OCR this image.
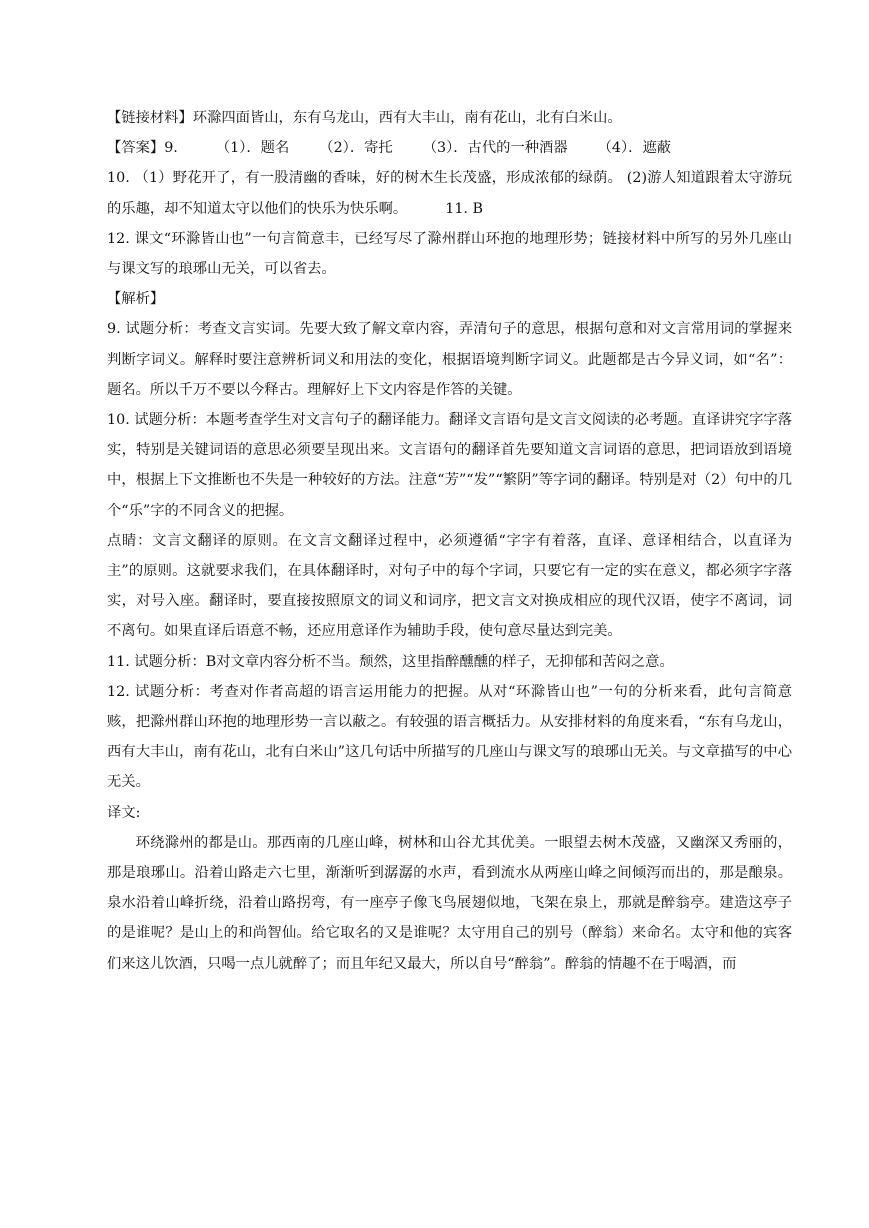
【链接材料】环滁四面皆山，东有乌龙山，西有大丰山，南有花山，北有白米山。

【答案】9.	（1）．题名 （2）．寄托 （3）．古代的一种酒器 （4）．遮蔽

10. （1）野花开了，有一股清幽的香味，好的树木生长茂盛，形成浓郁的绿荫。 (2)游人知道跟着太守游玩的乐趣，却不知道太守以他们的快乐为快乐啊。	11. B

12. 课文“环滁皆山也”一句言简意丰，已经写尽了滁州群山环抱的地理形势；链接材料中所写的另外几座山与课文写的琅琊山无关，可以省去。

【解析】

9. 试题分析：考查文言实词。先要大致了解文章内容，弄清句子的意思，根据句意和对文言常用词的掌握来判断字词义。解释时要注意辨析词义和用法的变化，根据语境判断字词义。此题都是古今异义词，如“名”：题名。所以千万不要以今释古。理解好上下文内容是作答的关键。

10. 试题分析：本题考查学生对文言句子的翻译能力。翻译文言语句是文言文阅读的必考题。直译讲究字字落实，特别是关键词语的意思必须要呈现出来。文言语句的翻译首先要知道文言词语的意思，把词语放到语境中，根据上下文推断也不失是一种较好的方法。注意“芳”“发”“繁阴”等字词的翻译。特别是对（2）句中的几个“乐”字的不同含义的把握。

点睛：文言文翻译的原则。在文言文翻译过程中，必须遵循“字字有着落，直译、意译相结合，以直译为主”的原则。这就要求我们，在具体翻译时，对句子中的每个字词，只要它有一定的实在意义，都必须字字落实，对号入座。翻译时，要直接按照原文的词义和词序，把文言文对换成相应的现代汉语，使字不离词，词不离句。如果直译后语意不畅，还应用意译作为辅助手段，使句意尽量达到完美。

11. 试题分析：B对文章内容分析不当。颓然，这里指醉醺醺的样子，无抑郁和苦闷之意。

12. 试题分析：考查对作者高超的语言运用能力的把握。从对“环滁皆山也”一句的分析来看，此句言简意赅，把滁州群山环抱的地理形势一言以蔽之。有较强的语言概括力。从安排材料的角度来看，“东有乌龙山，西有大丰山，南有花山，北有白米山”这几句话中所描写的几座山与课文写的琅琊山无关。与文章描写的中心无关。

译文:

环绕滁州的都是山。那西南的几座山峰，树林和山谷尤其优美。一眼望去树木茂盛，又幽深又秀丽的，那是琅琊山。沿着山路走六七里，渐渐听到潺潺的水声，看到流水从两座山峰之间倾泻而出的，那是酿泉。泉水沿着山峰折绕，沿着山路拐弯，有一座亭子像飞鸟展翅似地，飞架在泉上，那就是醉翁亭。建造这亭子的是谁呢？是山上的和尚智仙。给它取名的又是谁呢？太守用自己的别号（醉翁）来命名。太守和他的宾客们来这儿饮酒，只喝一点儿就醉了；而且年纪又最大，所以自号“醉翁”。醉翁的情趣不在于喝酒，而
